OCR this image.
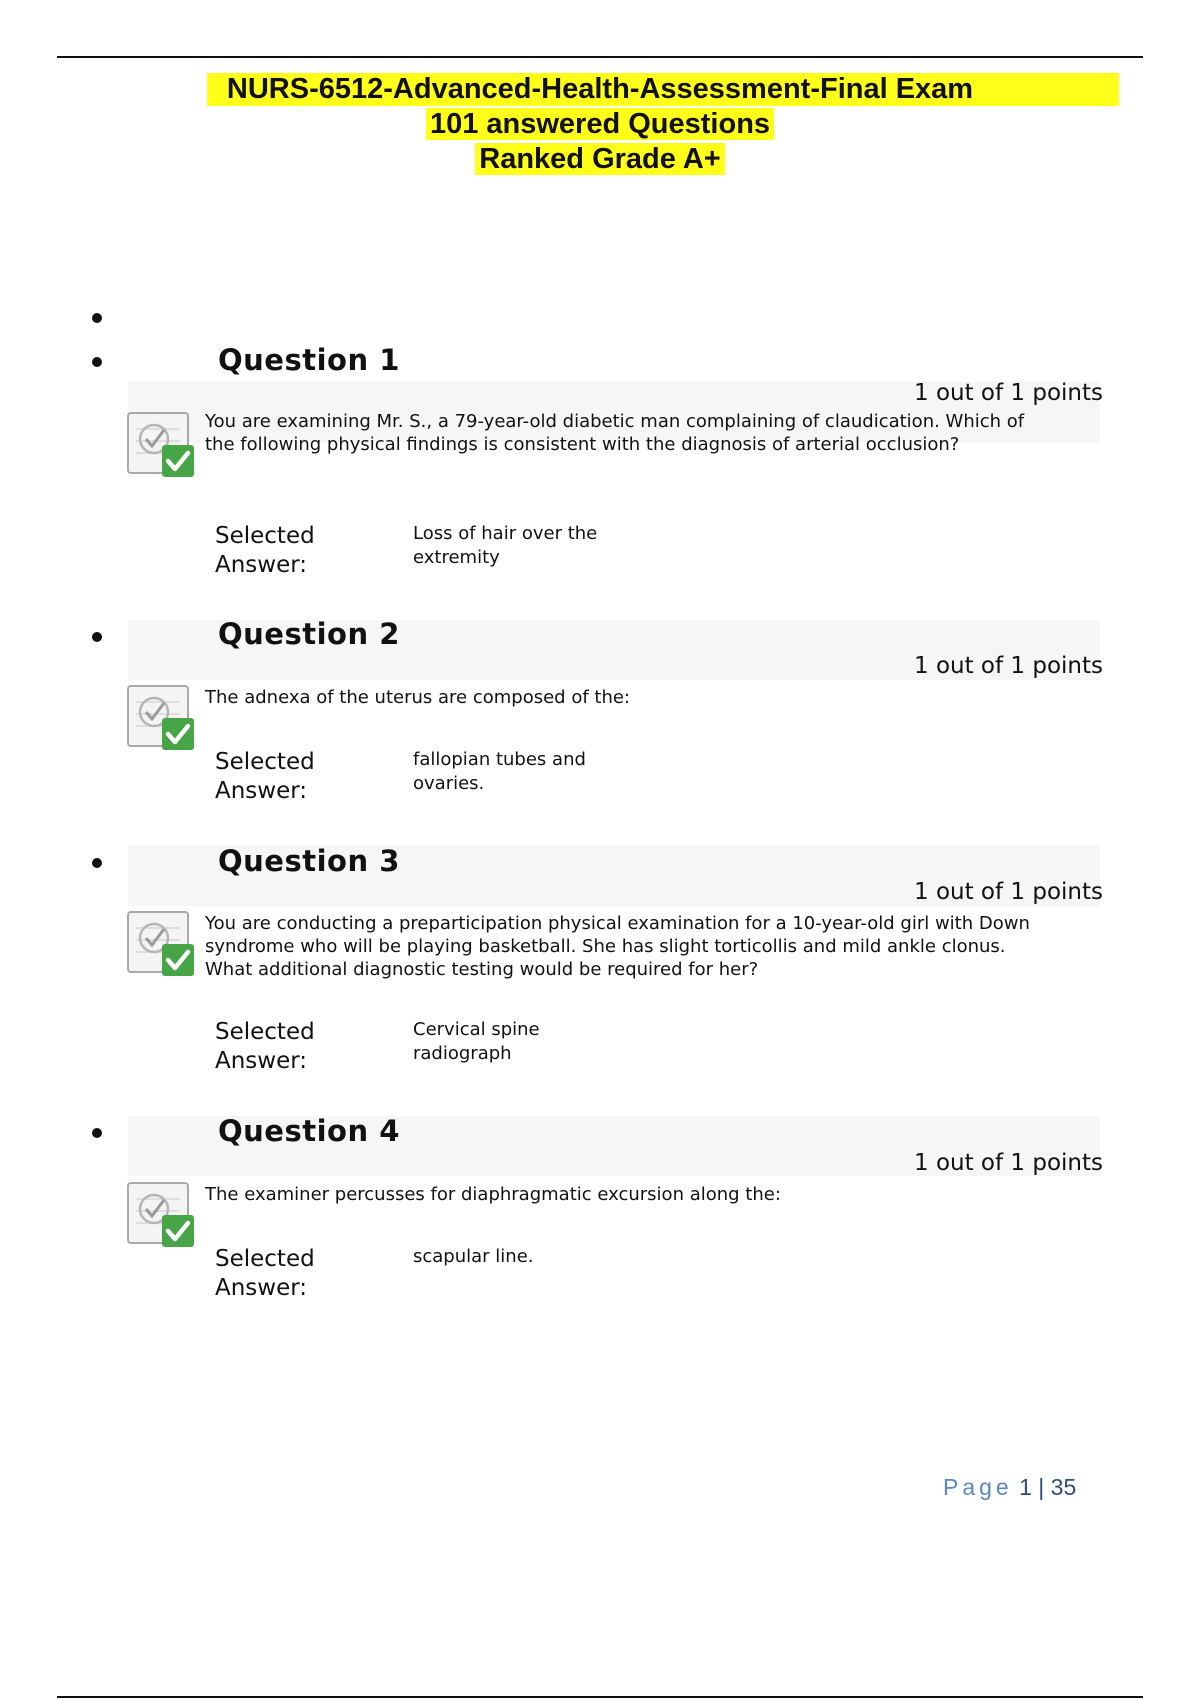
NURS-6512-Advanced-Health-Assessment-Final Exam
101 answered Questions
Ranked Grade A+
Question 1
1 out of 1 points
You are examining Mr. S., a 79-year-old diabetic man complaining of claudication. Which of the following physical findings is consistent with the diagnosis of arterial occlusion?
Selected Answer:
Loss of hair over the extremity
Question 2
1 out of 1 points
The adnexa of the uterus are composed of the:
Selected Answer:
fallopian tubes and ovaries.
Question 3
1 out of 1 points
You are conducting a preparticipation physical examination for a 10-year-old girl with Down syndrome who will be playing basketball. She has slight torticollis and mild ankle clonus. What additional diagnostic testing would be required for her?
Selected Answer:
Cervical spine radiograph
Question 4
1 out of 1 points
The examiner percusses for diaphragmatic excursion along the:
Selected Answer:
scapular line.
Page 1 | 35
